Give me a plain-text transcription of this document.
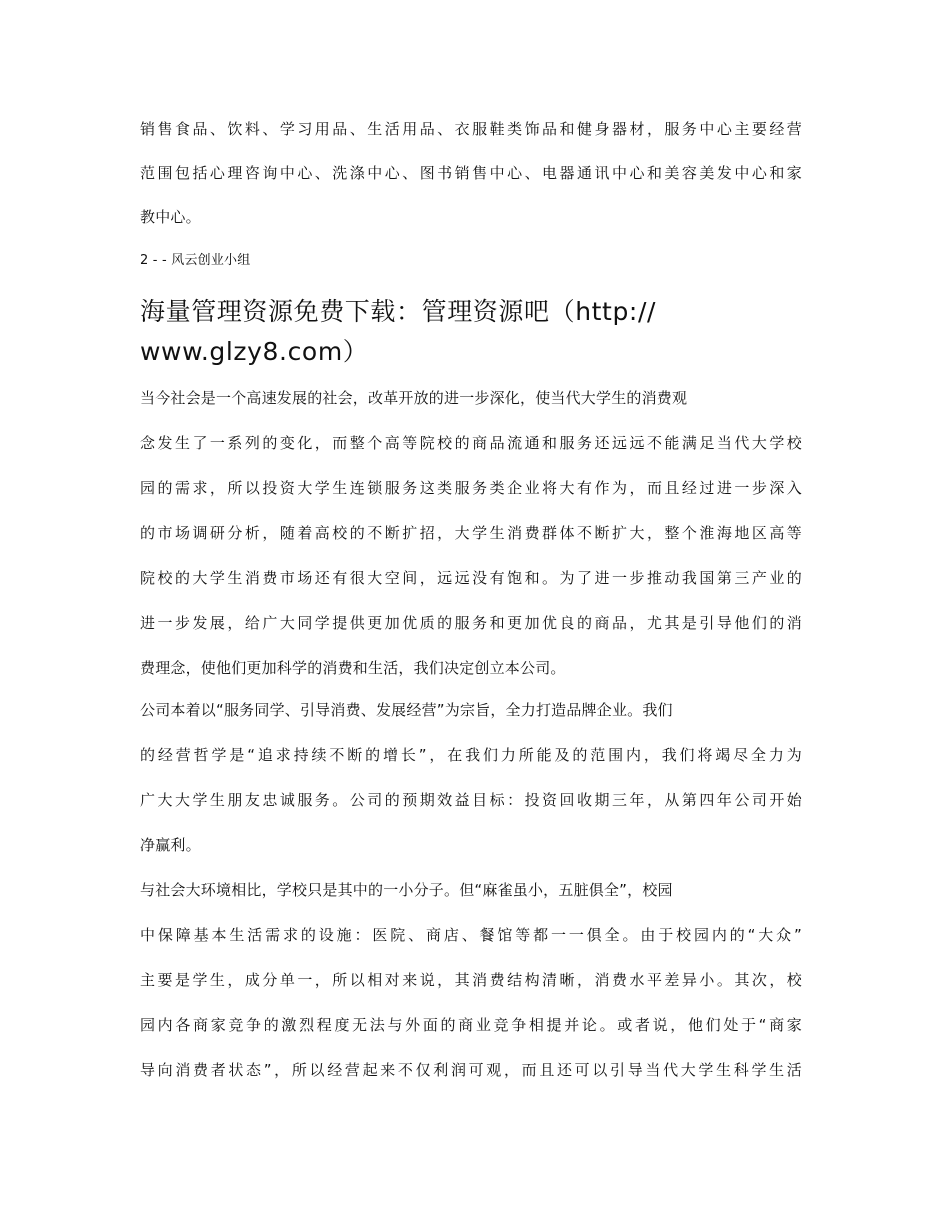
销售食品、饮料、学习用品、生活用品、衣服鞋类饰品和健身器材，服务中心主要经营
范围包括心理咨询中心、洗涤中心、图书销售中心、电器通讯中心和美容美发中心和家
教中心。
2 - - 风云创业小组
海量管理资源免费下载：管理资源吧（http://
www.glzy8.com）
当今社会是一个高速发展的社会，改革开放的进一步深化，使当代大学生的消费观
念发生了一系列的变化，而整个高等院校的商品流通和服务还远远不能满足当代大学校
园的需求，所以投资大学生连锁服务这类服务类企业将大有作为，而且经过进一步深入
的市场调研分析，随着高校的不断扩招，大学生消费群体不断扩大，整个淮海地区高等
院校的大学生消费市场还有很大空间，远远没有饱和。为了进一步推动我国第三产业的
进一步发展，给广大同学提供更加优质的服务和更加优良的商品，尤其是引导他们的消
费理念，使他们更加科学的消费和生活，我们决定创立本公司。
公司本着以“服务同学、引导消费、发展经营”为宗旨，全力打造品牌企业。我们
的经营哲学是“追求持续不断的增长”，在我们力所能及的范围内，我们将竭尽全力为
广大大学生朋友忠诚服务。公司的预期效益目标：投资回收期三年，从第四年公司开始
净赢利。
与社会大环境相比，学校只是其中的一小分子。但“麻雀虽小，五脏俱全”，校园
中保障基本生活需求的设施：医院、商店、餐馆等都一一俱全。由于校园内的“大众”
主要是学生，成分单一，所以相对来说，其消费结构清晰，消费水平差异小。其次，校
园内各商家竞争的激烈程度无法与外面的商业竞争相提并论。或者说，他们处于“商家
导向消费者状态”，所以经营起来不仅利润可观，而且还可以引导当代大学生科学生活
